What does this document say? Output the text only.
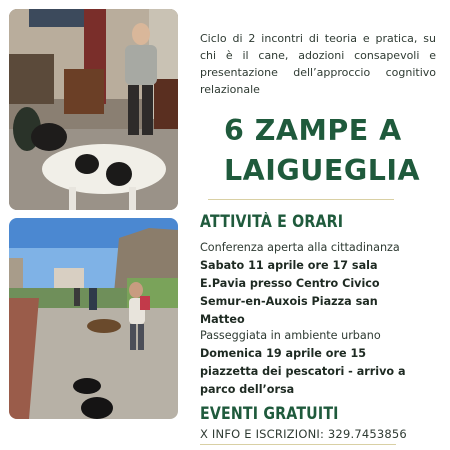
Ciclo di 2 incontri di teoria e pratica, su chi è il cane, adozioni consapevoli e presentazione dell’approccio cognitivo relazionale

6 ZAMPE A
LAIGUEGLIA
ATTIVITÀ E ORARI

Conferenza aperta alla cittadinanza
Sabato 11 aprile ore 17 sala E.Pavia presso Centro Civico Semur-en-Auxois Piazza san Matteo

Passeggiata in ambiente urbano
Domenica 19 aprile ore 15 piazzetta dei pescatori - arrivo a parco dell’orsa

EVENTI GRATUITI
X INFO E ISCRIZIONI: 329.7453856
